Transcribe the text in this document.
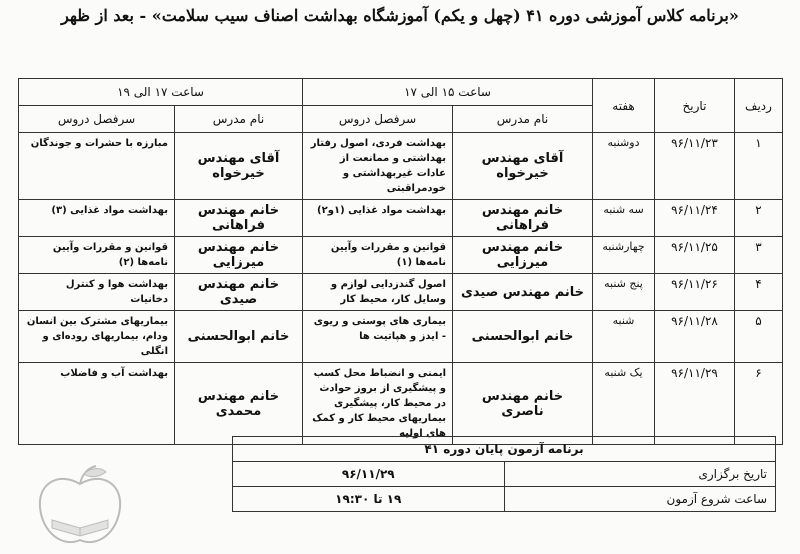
«برنامه کلاس آموزشی دوره ۴۱ (چهل و یکم) آموزشگاه بهداشت اصناف سیب سلامت» - بعد از ظهر
ردیف	تاریخ	هفته	ساعت ۱۵ الی ۱۷		ساعت ۱۷ الی ۱۹	
			نام مدرس	سرفصل دروس	نام مدرس	سرفصل دروس
۱	۹۶/۱۱/۲۳	دوشنبه	آقای مهندس خیرخواه	بهداشت فردی، اصول رفتار بهداشتی و ممانعت از عادات غیربهداشتی و خودمراقبتی	آقای مهندس خیرخواه	مبارزه با حشرات و جوندگان
۲	۹۶/۱۱/۲۴	سه شنبه	خانم مهندس فراهانی	بهداشت مواد غذایی (۱و۲)	خانم مهندس فراهانی	بهداشت مواد غذایی (۳)
۳	۹۶/۱۱/۲۵	چهارشنبه	خانم مهندس میرزایی	قوانین و مقررات وآیین نامه‌ها (۱)	خانم مهندس میرزایی	قوانین و مقررات وآیین نامه‌ها (۲)
۴	۹۶/۱۱/۲۶	پنج شنبه	خانم مهندس صیدی	اصول گندزدایی لوازم و وسایل کار، محیط کار	خانم مهندس صیدی	بهداشت هوا و کنترل دخانیات
۵	۹۶/۱۱/۲۸	شنبه	خانم ابوالحسنی	بیماری های پوستی و ریوی - ایدز و هپاتیت ها	خانم ابوالحسنی	بیماریهای مشترک بین انسان ودام، بیماریهای روده‌ای و انگلی
۶	۹۶/۱۱/۲۹	یک شنبه	خانم مهندس ناصری	ایمنی و انضباط محل کسب و پیشگیری از بروز حوادث در محیط کار، پیشگیری بیماریهای محیط کار و کمک های اولیه	خانم مهندس محمدی	بهداشت آب و فاضلاب
برنامه آزمون پایان دوره ۴۱	
تاریخ برگزاری	۹۶/۱۱/۲۹
ساعت شروع آزمون	۱۹ تا ۱۹:۳۰
